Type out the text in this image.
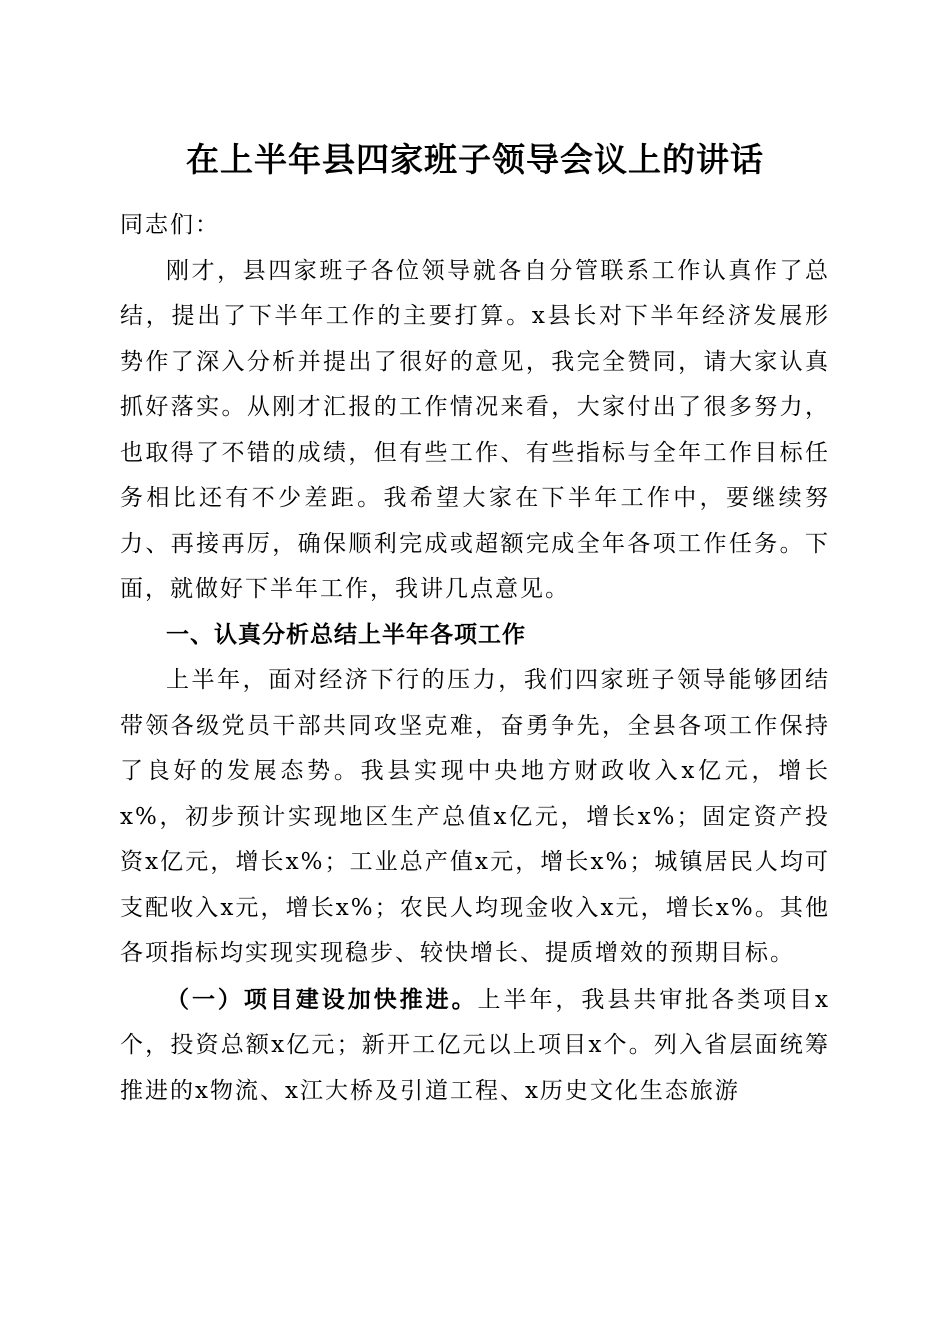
在上半年县四家班子领导会议上的讲话

同志们：

刚才，县四家班子各位领导就各自分管联系工作认真作了总结，提出了下半年工作的主要打算。x县长对下半年经济发展形势作了深入分析并提出了很好的意见，我完全赞同，请大家认真抓好落实。从刚才汇报的工作情况来看，大家付出了很多努力，也取得了不错的成绩，但有些工作、有些指标与全年工作目标任务相比还有不少差距。我希望大家在下半年工作中，要继续努力、再接再厉，确保顺利完成或超额完成全年各项工作任务。下面，就做好下半年工作，我讲几点意见。

一、认真分析总结上半年各项工作

上半年，面对经济下行的压力，我们四家班子领导能够团结带领各级党员干部共同攻坚克难，奋勇争先，全县各项工作保持了良好的发展态势。我县实现中央地方财政收入x亿元，增长x%，初步预计实现地区生产总值x亿元，增长x%；固定资产投资x亿元，增长x%；工业总产值x元，增长x%；城镇居民人均可支配收入x元，增长x%；农民人均现金收入x元，增长x%。其他各项指标均实现实现稳步、较快增长、提质增效的预期目标。

（一）项目建设加快推进。上半年，我县共审批各类项目x个，投资总额x亿元；新开工亿元以上项目x个。列入省层面统筹推进的x物流、x江大桥及引道工程、x历史文化生态旅游
